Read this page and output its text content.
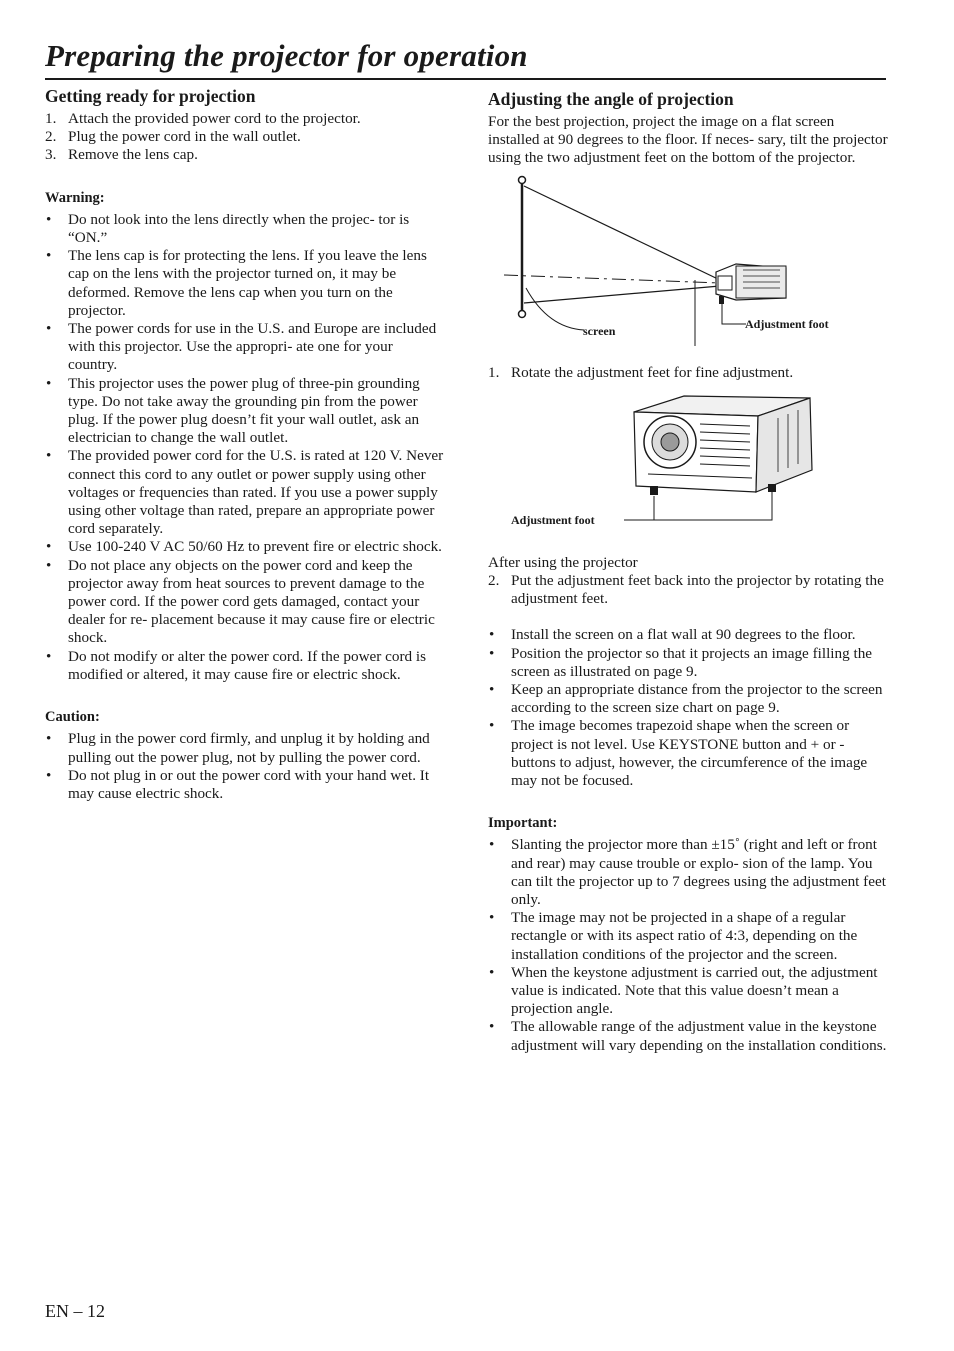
Preparing the projector for operation
Getting ready for projection
1. Attach the provided power cord to the projector.
2. Plug the power cord in the wall outlet.
3. Remove the lens cap.

Warning:

• Do not look into the lens directly when the projec- tor is “ON.”
• The lens cap is for protecting the lens. If you leave the lens cap on the lens with the projector turned on, it may be deformed. Remove the lens cap when you turn on the projector.
• The power cords for use in the U.S. and Europe are included with this projector. Use the appropri- ate one for your country.
• This projector uses the power plug of three-pin grounding type. Do not take away the grounding pin from the power plug. If the power plug doesn’t fit your wall outlet, ask an electrician to change the wall outlet.
• The provided power cord for the U.S. is rated at 120 V. Never connect this cord to any outlet or power supply using other voltages or frequencies than rated. If you use a power supply using other voltage than rated, prepare an appropriate power cord separately.
• Use 100-240 V AC 50/60 Hz to prevent fire or electric shock.
• Do not place any objects on the power cord and keep the projector away from heat sources to prevent damage to the power cord. If the power cord gets damaged, contact your dealer for re- placement because it may cause fire or electric shock.
• Do not modify or alter the power cord. If the power cord is modified or altered, it may cause fire or electric shock.

Caution:

• Plug in the power cord firmly, and unplug it by holding and pulling out the power plug, not by pulling the power cord.
• Do not plug in or out the power cord with your hand wet. It may cause electric shock.
Adjusting the angle of projection

For the best projection, project the image on a flat screen installed at 90 degrees to the floor. If neces- sary, tilt the projector using the two adjustment feet on the bottom of the projector.

screen	Adjustment foot
1. Rotate the adjustment feet for fine adjustment.
Adjustment foot

After using the projector

2. Put the adjustment feet back into the projector by rotating the adjustment feet.
• Install the screen on a flat wall at 90 degrees to the floor.
• Position the projector so that it projects an image filling the screen as illustrated on page 9.
• Keep an appropriate distance from the projector to the screen according to the screen size chart on page 9.
• The image becomes trapezoid shape when the screen or project is not level. Use KEYSTONE button and + or - buttons to adjust, however, the circumference of the image may not be focused.

Important:

• Slanting the projector more than ±15˚ (right and left or front and rear) may cause trouble or explo- sion of the lamp. You can tilt the projector up to 7 degrees using the adjustment feet only.
• The image may not be projected in a shape of a regular rectangle or with its aspect ratio of 4:3, depending on the installation conditions of the projector and the screen.
• When the keystone adjustment is carried out, the adjustment value is indicated. Note that this value doesn’t mean a projection angle.
• The allowable range of the adjustment value in the keystone adjustment will vary depending on the installation conditions.
EN – 12
